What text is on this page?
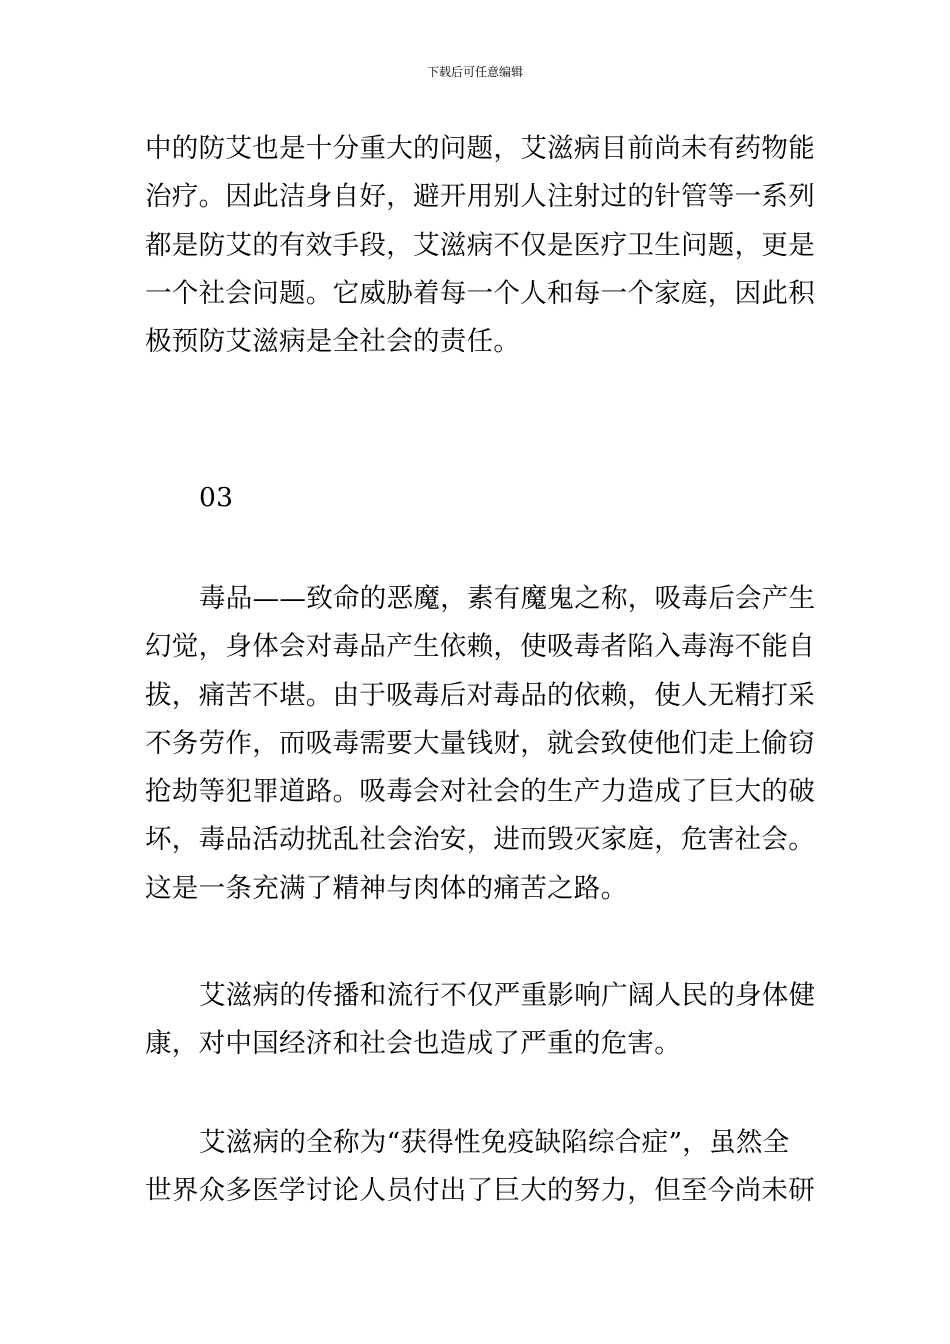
下载后可任意编辑
中的防艾也是十分重大的问题，艾滋病目前尚未有药物能
治疗。因此洁身自好，避开用别人注射过的针管等一系列
都是防艾的有效手段，艾滋病不仅是医疗卫生问题，更是
一个社会问题。它威胁着每一个人和每一个家庭，因此积
极预防艾滋病是全社会的责任。
03
毒品——致命的恶魔，素有魔鬼之称，吸毒后会产生
幻觉，身体会对毒品产生依赖，使吸毒者陷入毒海不能自
拔，痛苦不堪。由于吸毒后对毒品的依赖，使人无精打采
不务劳作，而吸毒需要大量钱财，就会致使他们走上偷窃
抢劫等犯罪道路。吸毒会对社会的生产力造成了巨大的破
坏，毒品活动扰乱社会治安，进而毁灭家庭，危害社会。
这是一条充满了精神与肉体的痛苦之路。
艾滋病的传播和流行不仅严重影响广阔人民的身体健
康，对中国经济和社会也造成了严重的危害。
艾滋病的全称为“获得性免疫缺陷综合症”，虽然全
世界众多医学讨论人员付出了巨大的努力，但至今尚未研
